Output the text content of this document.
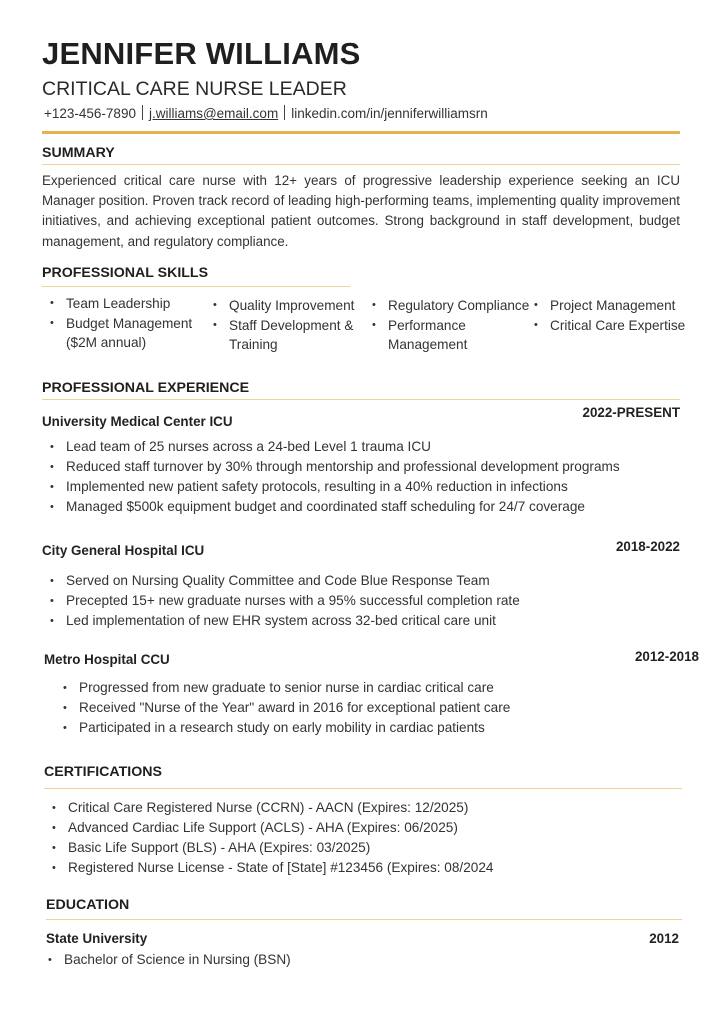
JENNIFER WILLIAMS
CRITICAL CARE NURSE LEADER
+123-456-7890 j.williams@email.com linkedin.com/in/jenniferwilliamsrn
SUMMARY
Experienced critical care nurse with 12+ years of progressive leadership experience seeking an ICU Manager position. Proven track record of leading high-performing teams, implementing quality improvement initiatives, and achieving exceptional patient outcomes. Strong background in staff development, budget management, and regulatory compliance.
PROFESSIONAL SKILLS
• Team Leadership
• Budget Management ($2M annual)
• Quality Improvement
• Staff Development & Training
• Regulatory Compliance
• Performance Management
• Project Management
• Critical Care Expertise
PROFESSIONAL EXPERIENCE
University Medical Center ICU
2022-PRESENT
• Lead team of 25 nurses across a 24-bed Level 1 trauma ICU
• Reduced staff turnover by 30% through mentorship and professional development programs
• Implemented new patient safety protocols, resulting in a 40% reduction in infections
• Managed $500k equipment budget and coordinated staff scheduling for 24/7 coverage
City General Hospital ICU	2018-2022
• Served on Nursing Quality Committee and Code Blue Response Team
• Precepted 15+ new graduate nurses with a 95% successful completion rate
• Led implementation of new EHR system across 32-bed critical care unit
Metro Hospital CCU	2012-2018
• Progressed from new graduate to senior nurse in cardiac critical care
• Received "Nurse of the Year" award in 2016 for exceptional patient care
• Participated in a research study on early mobility in cardiac patients
CERTIFICATIONS
• Critical Care Registered Nurse (CCRN) - AACN (Expires: 12/2025)
• Advanced Cardiac Life Support (ACLS) - AHA (Expires: 06/2025)
• Basic Life Support (BLS) - AHA (Expires: 03/2025)
• Registered Nurse License - State of [State] #123456 (Expires: 08/2024
EDUCATION
State University	2012
• Bachelor of Science in Nursing (BSN)
